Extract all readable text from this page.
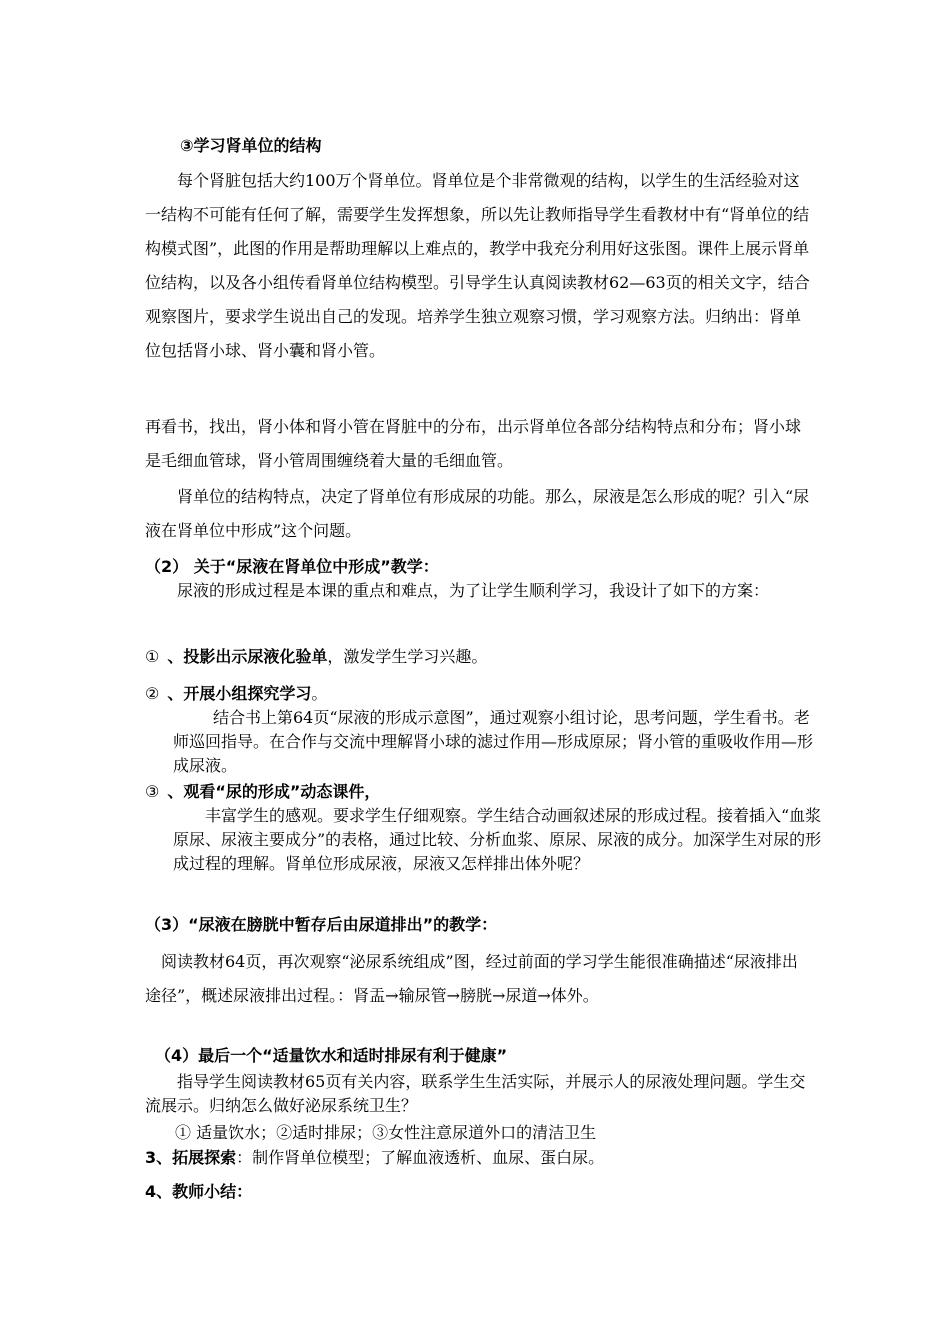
③学习肾单位的结构
每个肾脏包括大约100万个肾单位。肾单位是个非常微观的结构，以学生的生活经验对这一结构不可能有任何了解，需要学生发挥想象，所以先让教师指导学生看教材中有“肾单位的结构模式图”，此图的作用是帮助理解以上难点的，教学中我充分利用好这张图。课件上展示肾单位结构，以及各小组传看肾单位结构模型。引导学生认真阅读教材62—63页的相关文字，结合观察图片，要求学生说出自己的发现。培养学生独立观察习惯，学习观察方法。归纳出：肾单位包括肾小球、肾小囊和肾小管。
再看书，找出，肾小体和肾小管在肾脏中的分布，出示肾单位各部分结构特点和分布；肾小球是毛细血管球，肾小管周围缠绕着大量的毛细血管。
肾单位的结构特点，决定了肾单位有形成尿的功能。那么，尿液是怎么形成的呢？引入“尿液在肾单位中形成”这个问题。
（2） 关于“尿液在肾单位中形成”教学：
尿液的形成过程是本课的重点和难点，为了让学生顺利学习，我设计了如下的方案：
① 、投影出示尿液化验单，激发学生学习兴趣。
② 、开展小组探究学习。
结合书上第64页“尿液的形成示意图”，通过观察小组讨论，思考问题，学生看书。老师巡回指导。在合作与交流中理解肾小球的滤过作用—形成原尿；肾小管的重吸收作用—形成尿液。
③ 、观看“尿的形成”动态课件，
丰富学生的感观。要求学生仔细观察。学生结合动画叙述尿的形成过程。接着插入“血浆原尿、尿液主要成分”的表格，通过比较、分析血浆、原尿、尿液的成分。加深学生对尿的形成过程的理解。肾单位形成尿液，尿液又怎样排出体外呢？
（3）“尿液在膀胱中暂存后由尿道排出”的教学：
阅读教材64页，再次观察“泌尿系统组成”图，经过前面的学习学生能很准确描述“尿液排出途径”，概述尿液排出过程。：肾盂→输尿管→膀胱→尿道→体外。
（4）最后一个“适量饮水和适时排尿有利于健康”
指导学生阅读教材65页有关内容，联系学生生活实际，并展示人的尿液处理问题。学生交流展示。归纳怎么做好泌尿系统卫生？
① 适量饮水；②适时排尿；③女性注意尿道外口的清洁卫生
3、拓展探索：制作肾单位模型；了解血液透析、血尿、蛋白尿。
4、教师小结：
